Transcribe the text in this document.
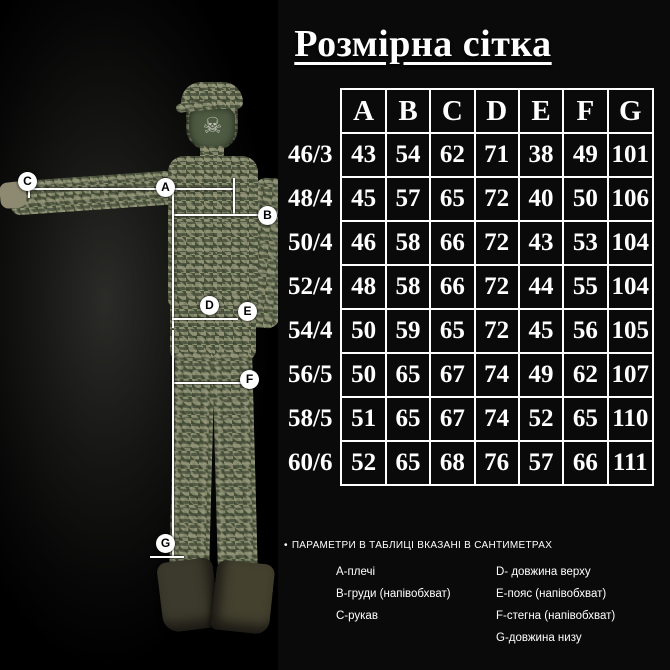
☠
C	A
B
D	E
F
G
Розмірна сітка
	A	B	C	D	E	F	G
46/3	43	54	62	71	38	49	101
48/4	45	57	65	72	40	50	106
50/4	46	58	66	72	43	53	104
52/4	48	58	66	72	44	55	104
54/4	50	59	65	72	45	56	105
56/5	50	65	67	74	49	62	107
58/5	51	65	67	74	52	65	110
60/6	52	65	68	76	57	66	111
• ПАРАМЕТРИ В ТАБЛИЦІ ВКАЗАНІ В САНТИМЕТРАХ
A-плечі	D- довжина верху
B-груди (напівобхват)	E-пояс (напівобхват)
C-рукав	F-стегна (напівобхват)
G-довжина низу
